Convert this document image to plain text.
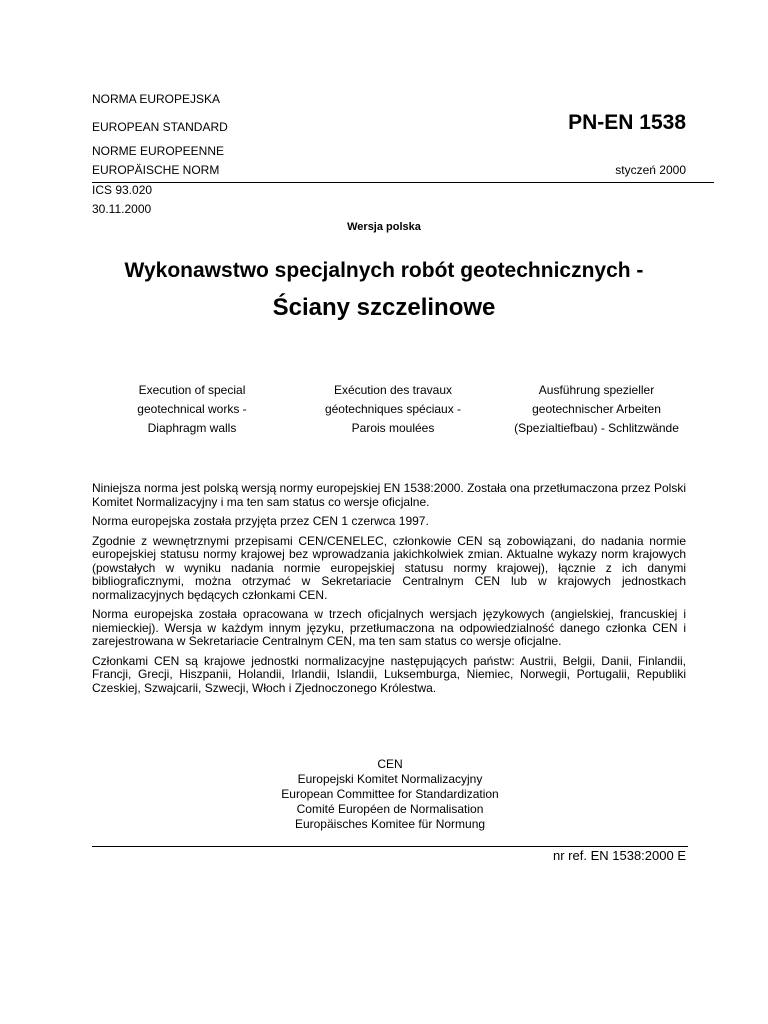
NORMA EUROPEJSKA
EUROPEAN STANDARD
NORME EUROPEENNE
EUROPÄISCHE NORM
PN-EN 1538
styczeń 2000
ICS 93.020
30.11.2000
Wersja polska
Wykonawstwo specjalnych robót geotechnicznych -
Ściany szczelinowe
Execution of special
geotechnical works -
Diaphragm walls
Exécution des travaux
géotechniques spéciaux -
Parois moulées
Ausführung spezieller
geotechnischer Arbeiten
(Spezialtiefbau) - Schlitzwände

Niniejsza norma jest polską wersją normy europejskiej EN 1538:2000. Została ona przetłumaczona przez Polski Komitet Normalizacyjny i ma ten sam status co wersje oficjalne.

Norma europejska została przyjęta przez CEN 1 czerwca 1997.

Zgodnie z wewnętrznymi przepisami CEN/CENELEC, członkowie CEN są zobowiązani, do nadania normie europejskiej statusu normy krajowej bez wprowadzania jakichkolwiek zmian. Aktualne wykazy norm krajowych (powstałych w wyniku nadania normie europejskiej statusu normy krajowej), łącznie z ich danymi bibliograficznymi, można otrzymać w Sekretariacie Centralnym CEN lub w krajowych jednostkach normalizacyjnych będących członkami CEN.

Norma europejska została opracowana w trzech oficjalnych wersjach językowych (angielskiej, francuskiej i niemieckiej). Wersja w każdym innym języku, przetłumaczona na odpowiedzialność danego członka CEN i zarejestrowana w Sekretariacie Centralnym CEN, ma ten sam status co wersje oficjalne.

Członkami CEN są krajowe jednostki normalizacyjne następujących państw: Austrii, Belgii, Danii, Finlandii, Francji, Grecji, Hiszpanii, Holandii, Irlandii, Islandii, Luksemburga, Niemiec, Norwegii, Portugalii, Republiki Czeskiej, Szwajcarii, Szwecji, Włoch i Zjednoczonego Królestwa.

CEN
Europejski Komitet Normalizacyjny
European Committee for Standardization
Comité Européen de Normalisation
Europäisches Komitee für Normung
nr ref. EN 1538:2000 E
